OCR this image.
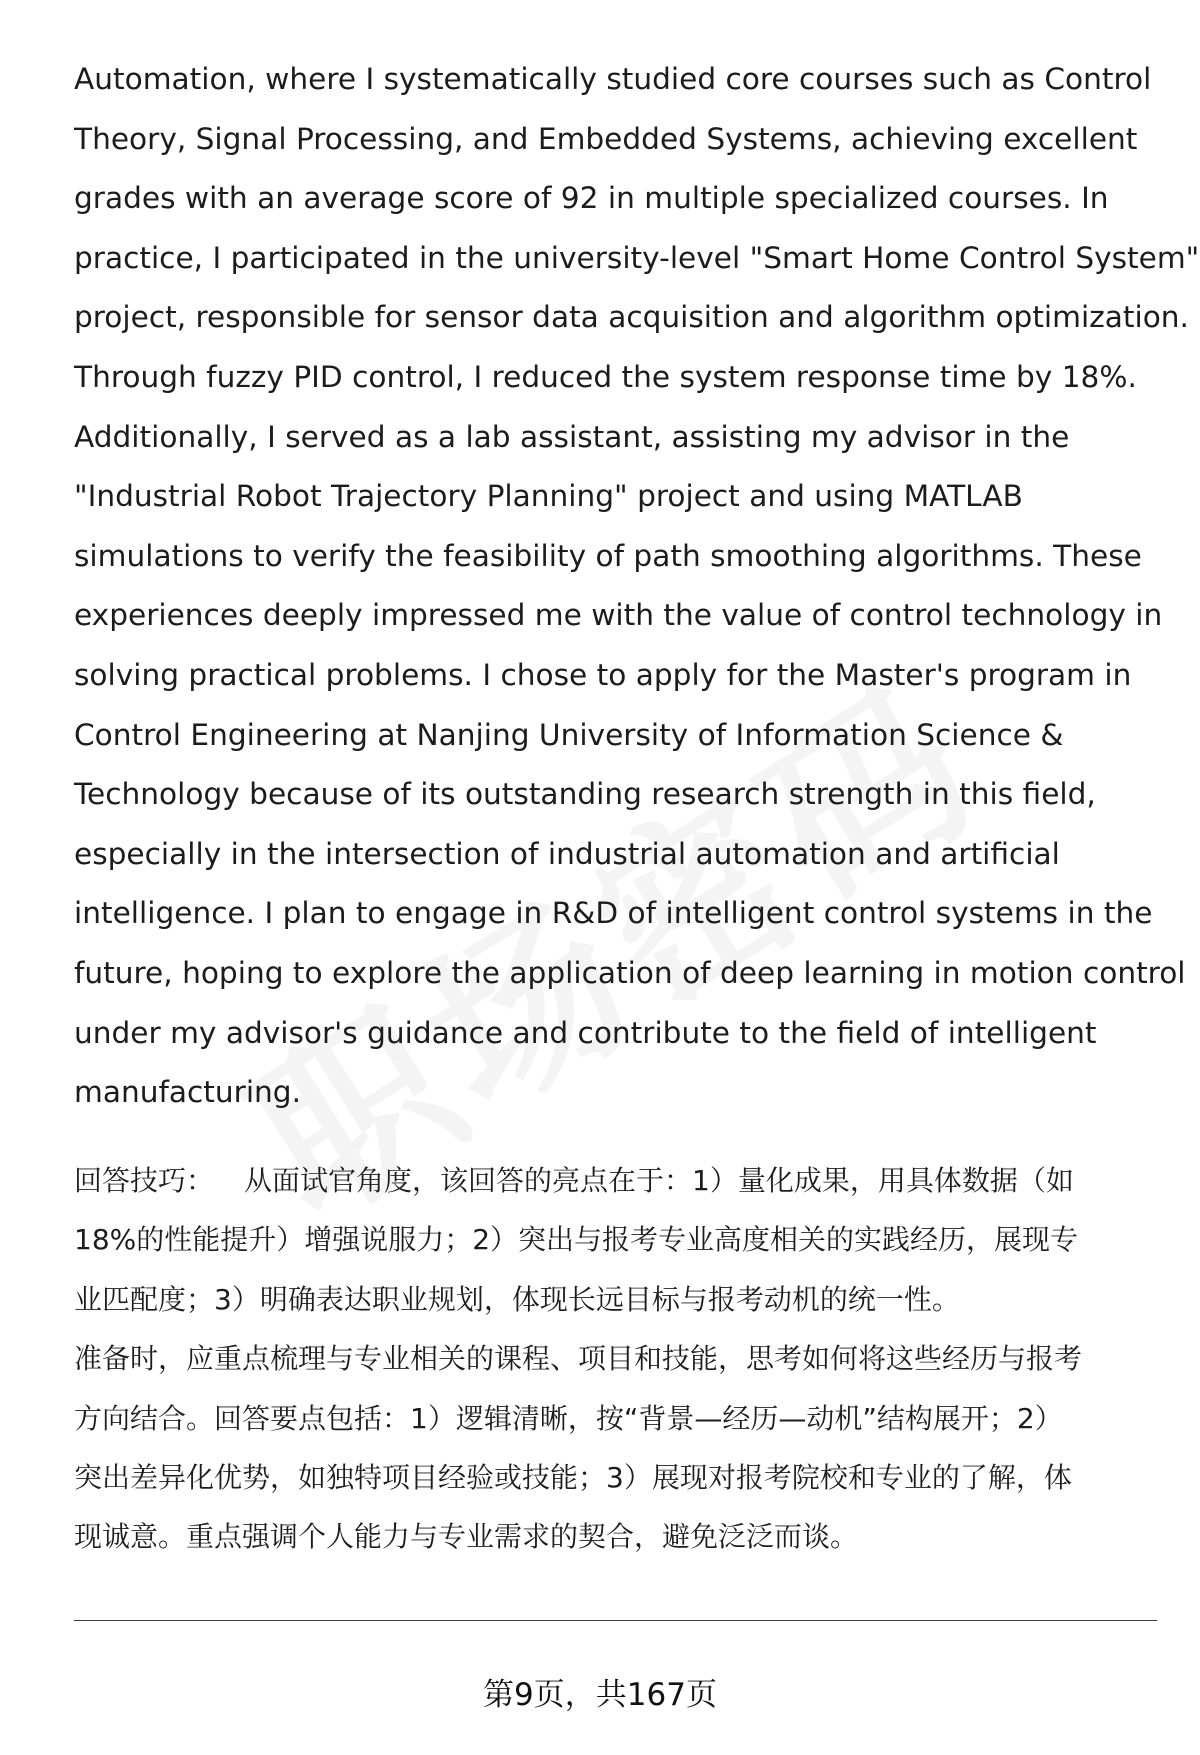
Automation, where I systematically studied core courses such as Control
Theory, Signal Processing, and Embedded Systems, achieving excellent
grades with an average score of 92 in multiple specialized courses. In
practice, I participated in the university-level "Smart Home Control System"
project, responsible for sensor data acquisition and algorithm optimization.
Through fuzzy PID control, I reduced the system response time by 18%.
Additionally, I served as a lab assistant, assisting my advisor in the
"Industrial Robot Trajectory Planning" project and using MATLAB
simulations to verify the feasibility of path smoothing algorithms. These
experiences deeply impressed me with the value of control technology in
solving practical problems. I chose to apply for the Master's program in
Control Engineering at Nanjing University of Information Science &
Technology because of its outstanding research strength in this field,
especially in the intersection of industrial automation and artificial
intelligence. I plan to engage in R&D of intelligent control systems in the
future, hoping to explore the application of deep learning in motion control
under my advisor's guidance and contribute to the field of intelligent
manufacturing.

回答技巧： 从面试官角度，该回答的亮点在于：1）量化成果，用具体数据（如
18%的性能提升）增强说服力；2）突出与报考专业高度相关的实践经历，展现专
业匹配度；3）明确表达职业规划，体现长远目标与报考动机的统一性。
准备时，应重点梳理与专业相关的课程、项目和技能，思考如何将这些经历与报考
方向结合。回答要点包括：1）逻辑清晰，按“背景—经历—动机”结构展开；2）
突出差异化优势，如独特项目经验或技能；3）展现对报考院校和专业的了解，体
现诚意。重点强调个人能力与专业需求的契合，避免泛泛而谈。

第9页，共167页
